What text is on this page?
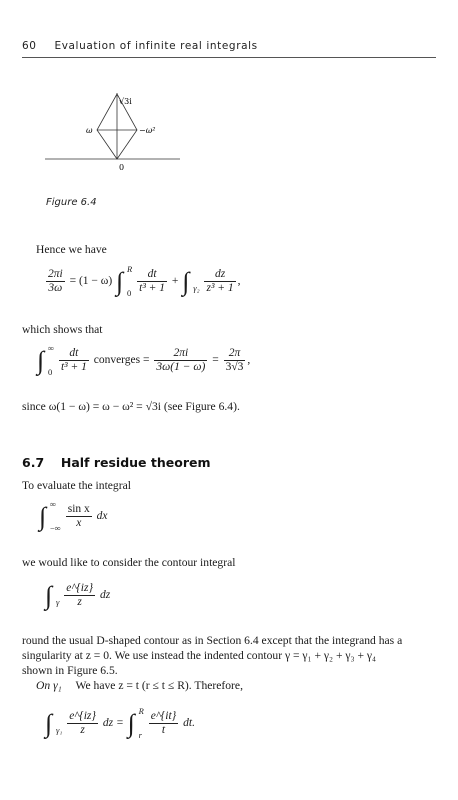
60 Evaluation of infinite real integrals
√3i
ω	−ω²
0
Figure 6.4
Hence we have
$\frac{2\pi i}{3\omega} = (1 - \omega)$ ∫ R
0
$\frac{dt}{\text{t³ + 1}}$ + ∫ γ₂
$\frac{dz}{\text{z³ + 1}}$ ,
which shows that
∫ ∞
0
$\frac{dt}{\text{t³ + 1}}$ converges = $\frac{2\pi i}{3\omega(1 - \omega)} = \frac{2\pi}{3√3}$ ,
since ω(1 − ω) = ω − ω² = √3i (see Figure 6.4).
6.7 Half residue theorem
To evaluate the integral
∫ ∞
−∞
$\frac{\text{sin x}}{x}$ dx
we would like to consider the contour integral
∫ γ
$\frac{e\^{}\{iz\}}{z}$ dz
round the usual D-shaped contour as in Section 6.4 except that the integrand has a
singularity at z = 0. We use instead the indented contour γ = γ₁ + γ₂ + γ₃ + γ₄
shown in Figure 6.5.
On γ₁ We have z = t (r ≤ t ≤ R). Therefore,
∫ γ₁
$\frac{e\^{}\{iz\}}{z}$ dz = ∫ R
r
$\frac{e\^{}\{it\}}{t}$ dt.
